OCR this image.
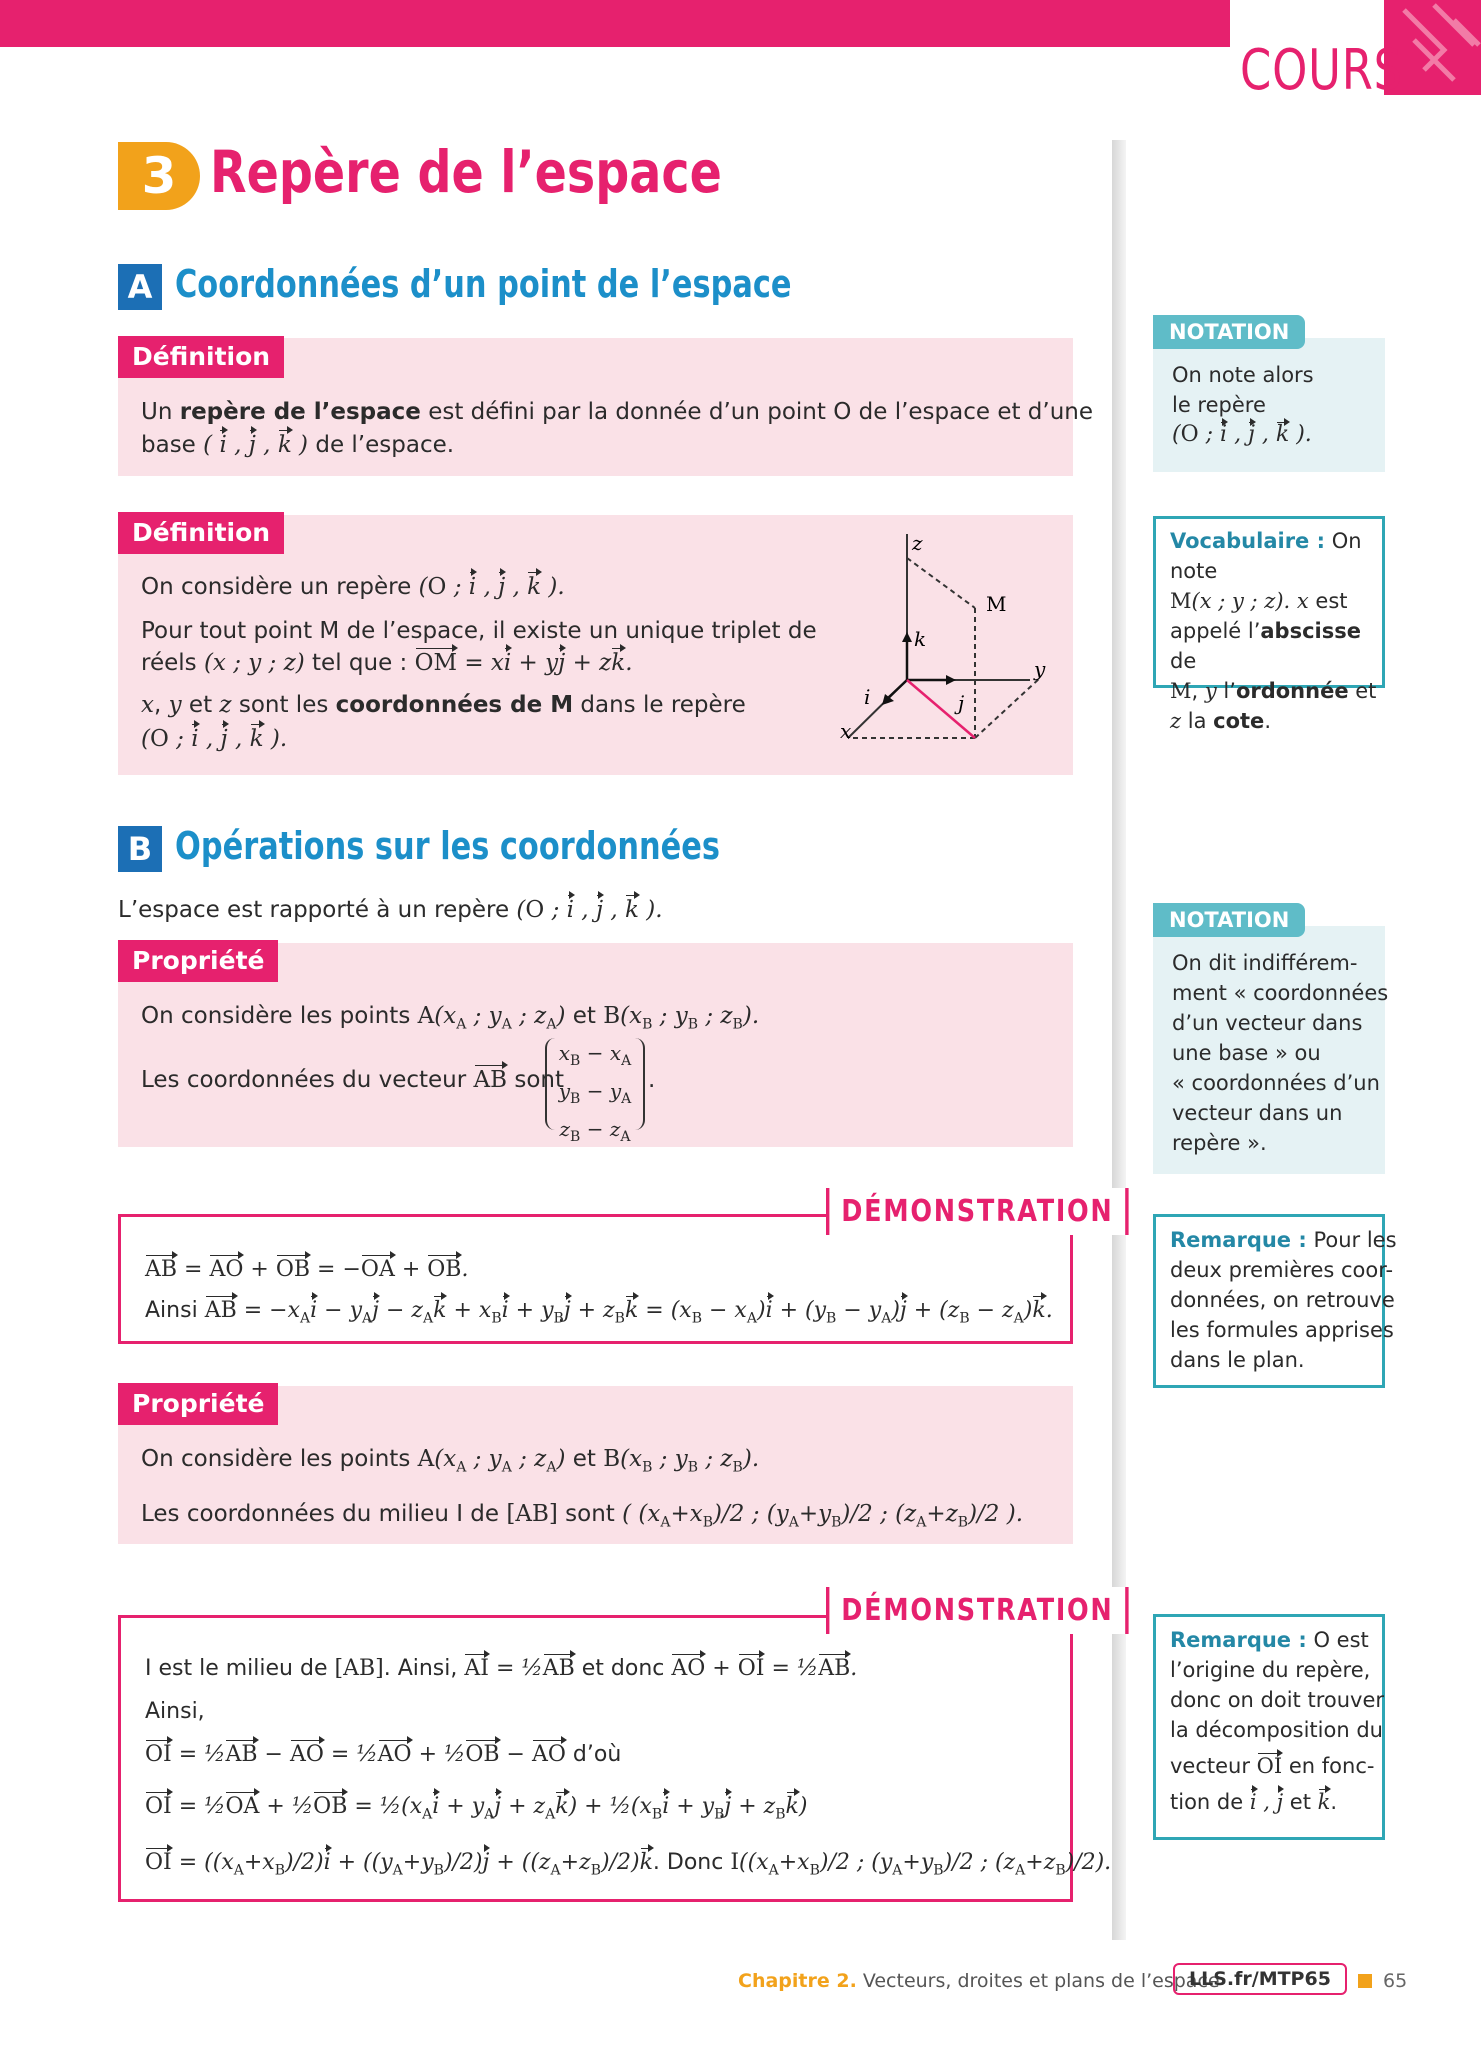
COURS
3 Repère de l’espace
A Coordonnées d’un point de l’espace
Définition
Un repère de l’espace est défini par la donnée d’un point O de l’espace et d’une
base ( i , j , k ) de l’espace.
Définition
On considère un repère (O ; i , j , k ).
Pour tout point M de l’espace, il existe un unique triplet de
réels (x ; y ; z) tel que : OM = xi + yj + zk.
x, y et z sont les coordonnées de M dans le repère
(O ; i , j , k ).
z
y
x
M
k
j
i
B Opérations sur les coordonnées
L’espace est rapporté à un repère (O ; i , j , k ).
Propriété
On considère les points $A(x_A$ ; $y_A$ ; $z_A$) et $B(x_B$ ; $y_B$ ; $z_B$).
Les coordonnées du vecteur AB sont
$x_B - x_A$
$y_B - y_A$
$z_B - z_A$
.
DÉMONSTRATION
AB = AO + OB = −OA + OB.
Ainsi AB = $-x_Ai - y_Aj - z_Ak + x_Bi + y_Bj + z_Bk = (x_B - x_A)i + (y_B - y_A)j + (z_B - z_A)k$.
Propriété
On considère les points $A(x_A$ ; $y_A$ ; $z_A$) et $B(x_B$ ; $y_B$ ; $z_B$).
Les coordonnées du milieu I de [AB] sont ( $(x_A+x_B)/2$ ; $(y_A+y_B)/2$ ; $(z_A+z_B)/2$ ).
DÉMONSTRATION
I est le milieu de [AB]. Ainsi, AI = ½AB et donc AO + OI = ½AB.
Ainsi,
OI = ½AB − AO = ½AO + ½OB − AO d’où
OI = ½OA + ½OB = $\frac{1}{2}(x_Ai + y_Aj + z_Ak)$ + $\frac{1}{2}(x_Bi + y_Bj + z_Bk)$
OI = $((x_A+x_B)/2)i + ((y_A+y_B)/2)j + ((z_A+z_B)/2)k$. Donc $I((x_A+x_B)/2$ ; $(y_A+y_B)/2$ ; $(z_A+z_B)/2$).
NOTATION
On note alors
le repère
(O ; i , j , k ).
Vocabulaire : On note
M(x ; y ; z). x est
appelé l’abscisse de
M, y l’ordonnée et
z la cote.
NOTATION
On dit indifférem-
ment « coordonnées
d’un vecteur dans
une base » ou
« coordonnées d’un
vecteur dans un
repère ».
Remarque : Pour les
deux premières coor-
données, on retrouve
les formules apprises
dans le plan.
Remarque : O est
l’origine du repère,
donc on doit trouver
la décomposition du
vecteur OI en fonc-
tion de i , j et k.
Chapitre 2. Vecteurs, droites et plans de l’espace
LLS.fr/MTP65	65
